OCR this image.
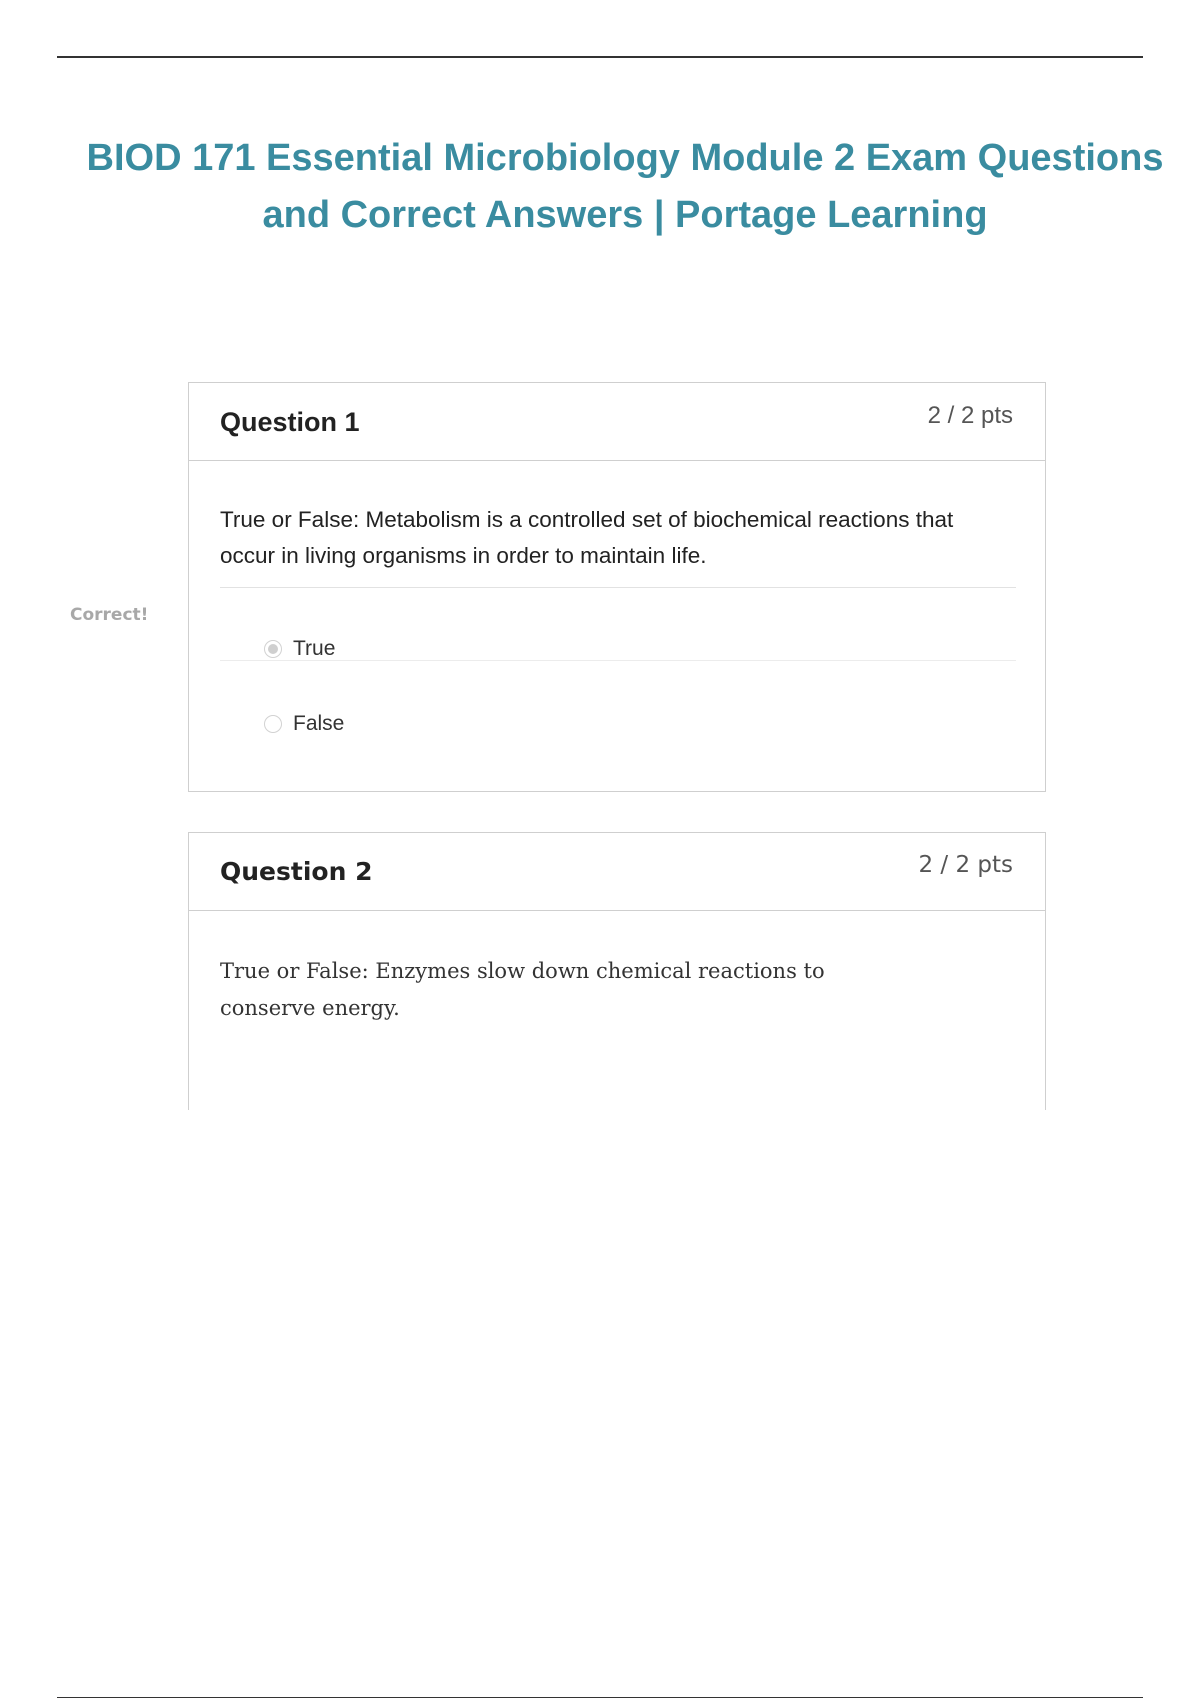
BIOD 171 Essential Microbiology Module 2 Exam Questions and Correct Answers | Portage Learning
Correct!
Question 1	2 / 2 pts

True or False: Metabolism is a controlled set of biochemical reactions that occur in living organisms in order to maintain life.

True
False
Question 2	2 / 2 pts

True or False: Enzymes slow down chemical reactions to conserve energy.
